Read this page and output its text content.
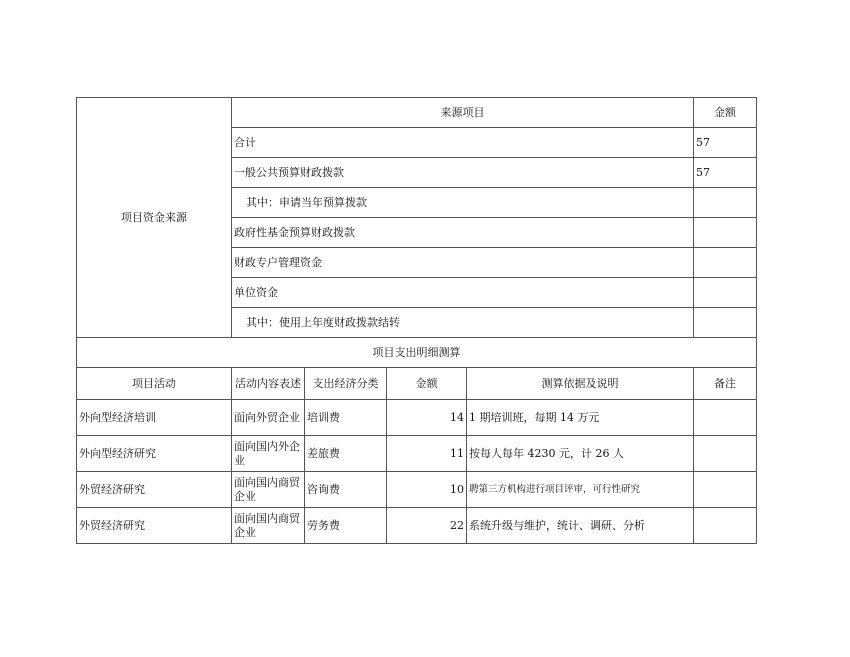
项目资金来源	来源项目				金额
	合计				57
	一般公共预算财政拨款				57
	其中：申请当年预算拨款				
	政府性基金预算财政拨款				
	财政专户管理资金				
	单位资金				
	其中：使用上年度财政拨款结转				
项目支出明细测算					
项目活动	活动内容表述	支出经济分类	金额	测算依据及说明	备注
外向型经济培训	面向外贸企业	培训费	14	1 期培训班，每期 14 万元	
外向型经济研究	面向国内外企业	差旅费	11	按每人每年 4230 元，计 26 人	
外贸经济研究	面向国内商贸企业	咨询费	10	聘第三方机构进行项目评审，可行性研究	
外贸经济研究	面向国内商贸企业	劳务费	22	系统升级与维护，统计、调研、分析	
